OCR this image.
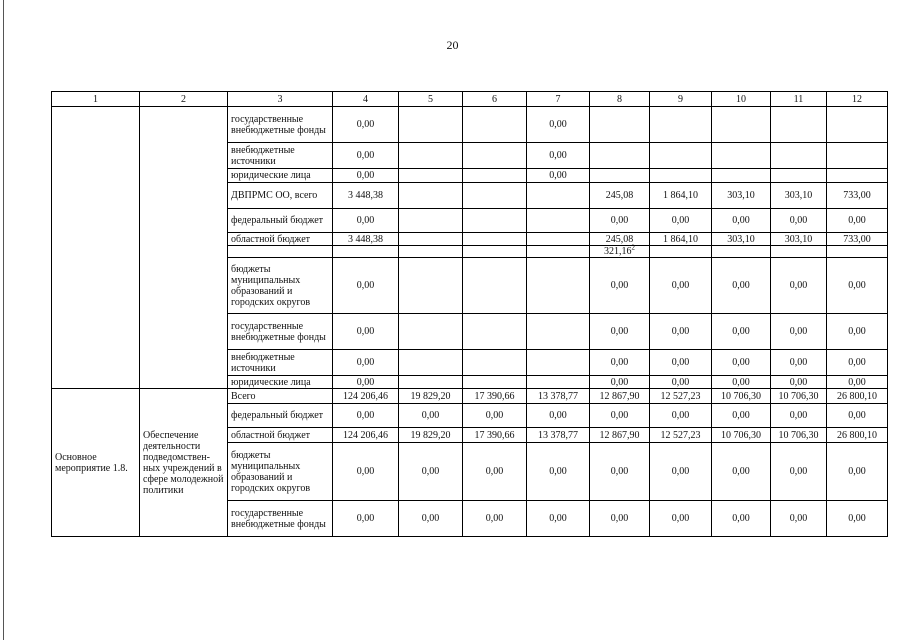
20
1	2	3	4	5	6	7	8	9	10	11	12
		государственные внебюджетные фонды	0,00			0,00					
		внебюджетные источники	0,00			0,00					
		юридические лица	0,00			0,00					
		ДВПРМС ОО, всего	3 448,38				245,08	1 864,10	303,10	303,10	733,00
		федеральный бюджет	0,00				0,00	0,00	0,00	0,00	0,00
		областной бюджет	3 448,38				245,08	1 864,10	303,10	303,10	733,00
							321,16$^2$				
		бюджеты муниципальных образований и городских округов	0,00				0,00	0,00	0,00	0,00	0,00
		государственные внебюджетные фонды	0,00				0,00	0,00	0,00	0,00	0,00
		внебюджетные источники	0,00				0,00	0,00	0,00	0,00	0,00
		юридические лица	0,00				0,00	0,00	0,00	0,00	0,00
Основное мероприятие 1.8.	Обеспечение деятельности подведомствен-ных учреждений в сфере молодежной политики	Всего	124 206,46	19 829,20	17 390,66	13 378,77	12 867,90	12 527,23	10 706,30	10 706,30	26 800,10
		федеральный бюджет	0,00	0,00	0,00	0,00	0,00	0,00	0,00	0,00	0,00
		областной бюджет	124 206,46	19 829,20	17 390,66	13 378,77	12 867,90	12 527,23	10 706,30	10 706,30	26 800,10
		бюджеты муниципальных образований и городских округов	0,00	0,00	0,00	0,00	0,00	0,00	0,00	0,00	0,00
		государственные внебюджетные фонды	0,00	0,00	0,00	0,00	0,00	0,00	0,00	0,00	0,00
